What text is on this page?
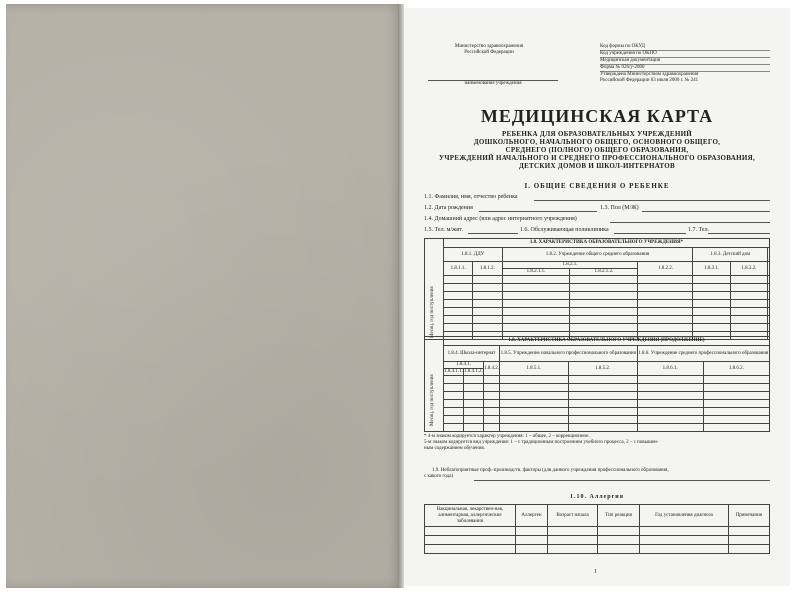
Министерство здравоохранения
Российской Федерации
наименование учреждения
Код формы по ОКУД
Код учреждения по ОКПО
Медицинская документация
Форма № 026/у-2000
Утверждена Министерством здравоохранения
Российской Федерации 03 июля 2000 г. № 241
МЕДИЦИНСКАЯ КАРТА
РЕБЕНКА ДЛЯ ОБРАЗОВАТЕЛЬНЫХ УЧРЕЖДЕНИЙ
ДОШКОЛЬНОГО, НАЧАЛЬНОГО ОБЩЕГО, ОСНОВНОГО ОБЩЕГО,
СРЕДНЕГО (ПОЛНОГО) ОБЩЕГО ОБРАЗОВАНИЯ,
УЧРЕЖДЕНИЙ НАЧАЛЬНОГО И СРЕДНЕГО ПРОФЕССИОНАЛЬНОГО ОБРАЗОВАНИЯ,
ДЕТСКИХ ДОМОВ И ШКОЛ-ИНТЕРНАТОВ
I. ОБЩИЕ СВЕДЕНИЯ О РЕБЕНКЕ
1.1. Фамилия, имя, отчество ребенка
1.2. Дата рождения	1.3. Пол (М/Ж)
1.4. Домашний адрес (или адрес интернатного учреждения)
1.5. Тел. м/жит.	1.6. Обслуживающая поликлиника	1.7. Тел.
Месяц, год поступления
	1.8. ХАРАКТЕРИСТИКА ОБРАЗОВАТЕЛЬНОГО УЧРЕЖДЕНИЯ*							
	1.8.1. ДДУ		1.8.2. Учреждение общего среднего образования			1.8.3. Детский дом		
	1.8.1.1.	1.8.1.2.	1.8.2.1.		1.8.2.2.	1.8.3.1.	1.8.3.2.	
			1.8.2.1.1.	1.8.2.1.2.				

Месяц, год поступления
	1.8. ХАРАКТЕРИСТИКА ОБРАЗОВАТЕЛЬНОГО УЧРЕЖДЕНИЯ (ПРОДОЛЖЕНИЕ)						
	1.8.4. Школа-интернат			1.8.5. Учреждение начального профессионального образования		1.8.6. Учреждение среднего профессионального образования	
	1.8.4.1.		1.8.4.2.	1.8.5.1.	1.8.5.2.	1.8.6.1.	1.8.6.2.
	1.8.4.1.1.	1.8.4.1.2.					

* 4-м знаком кодируется характер учреждения: 1 – общее, 2 – коррекционное.
5-м знаком кодируется вид учреждения: 1 – с традиционным построением учебного процесса, 2 – с повышен-
ным содержанием обучения.
1.9. Неблагоприятные проф.-производств. факторы (для данного учреждения профессионального образования,
с какого года)
1.10. Аллергия
Вакцинальная, лекарствен-ная, алиментарная, аллергические заболевания	Аллерген	Возраст начала	Тип реакции	Год установления диагноза	Примечания

1
